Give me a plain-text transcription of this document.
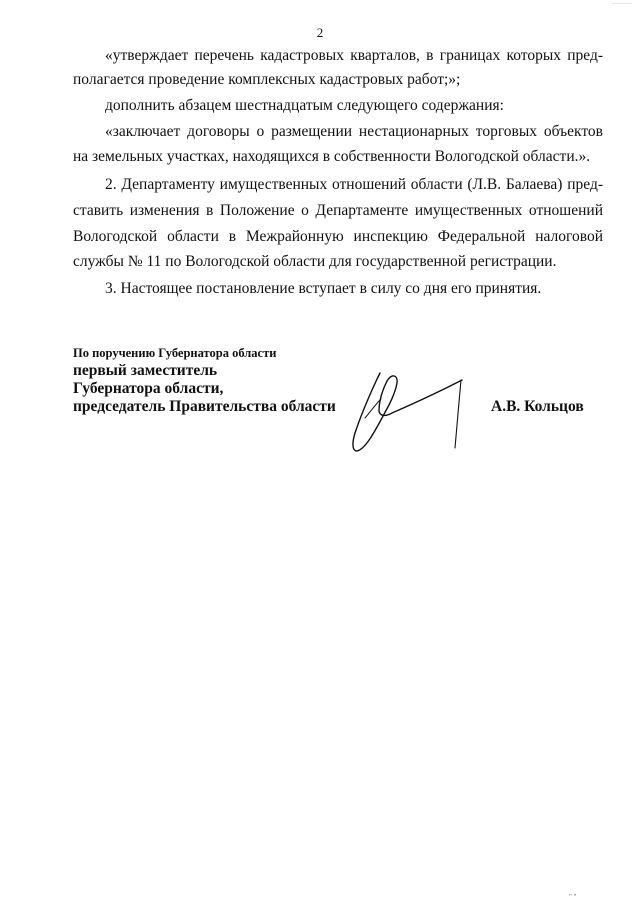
2
«утверждает перечень кадастровых кварталов, в границах которых пред-
полагается проведение комплексных кадастровых работ;»;
дополнить абзацем шестнадцатым следующего содержания:
«заключает договоры о размещении нестационарных торговых объектов
на земельных участках, находящихся в собственности Вологодской области.».
2. Департаменту имущественных отношений области (Л.В. Балаева) пред-
ставить изменения в Положение о Департаменте имущественных отношений
Вологодской области в Межрайонную инспекцию Федеральной налоговой
службы № 11 по Вологодской области для государственной регистрации.
3. Настоящее постановление вступает в силу со дня его принятия.
По поручению Губернатора области
первый заместитель
Губернатора области,
председатель Правительства области	А.В. Кольцов
" "
